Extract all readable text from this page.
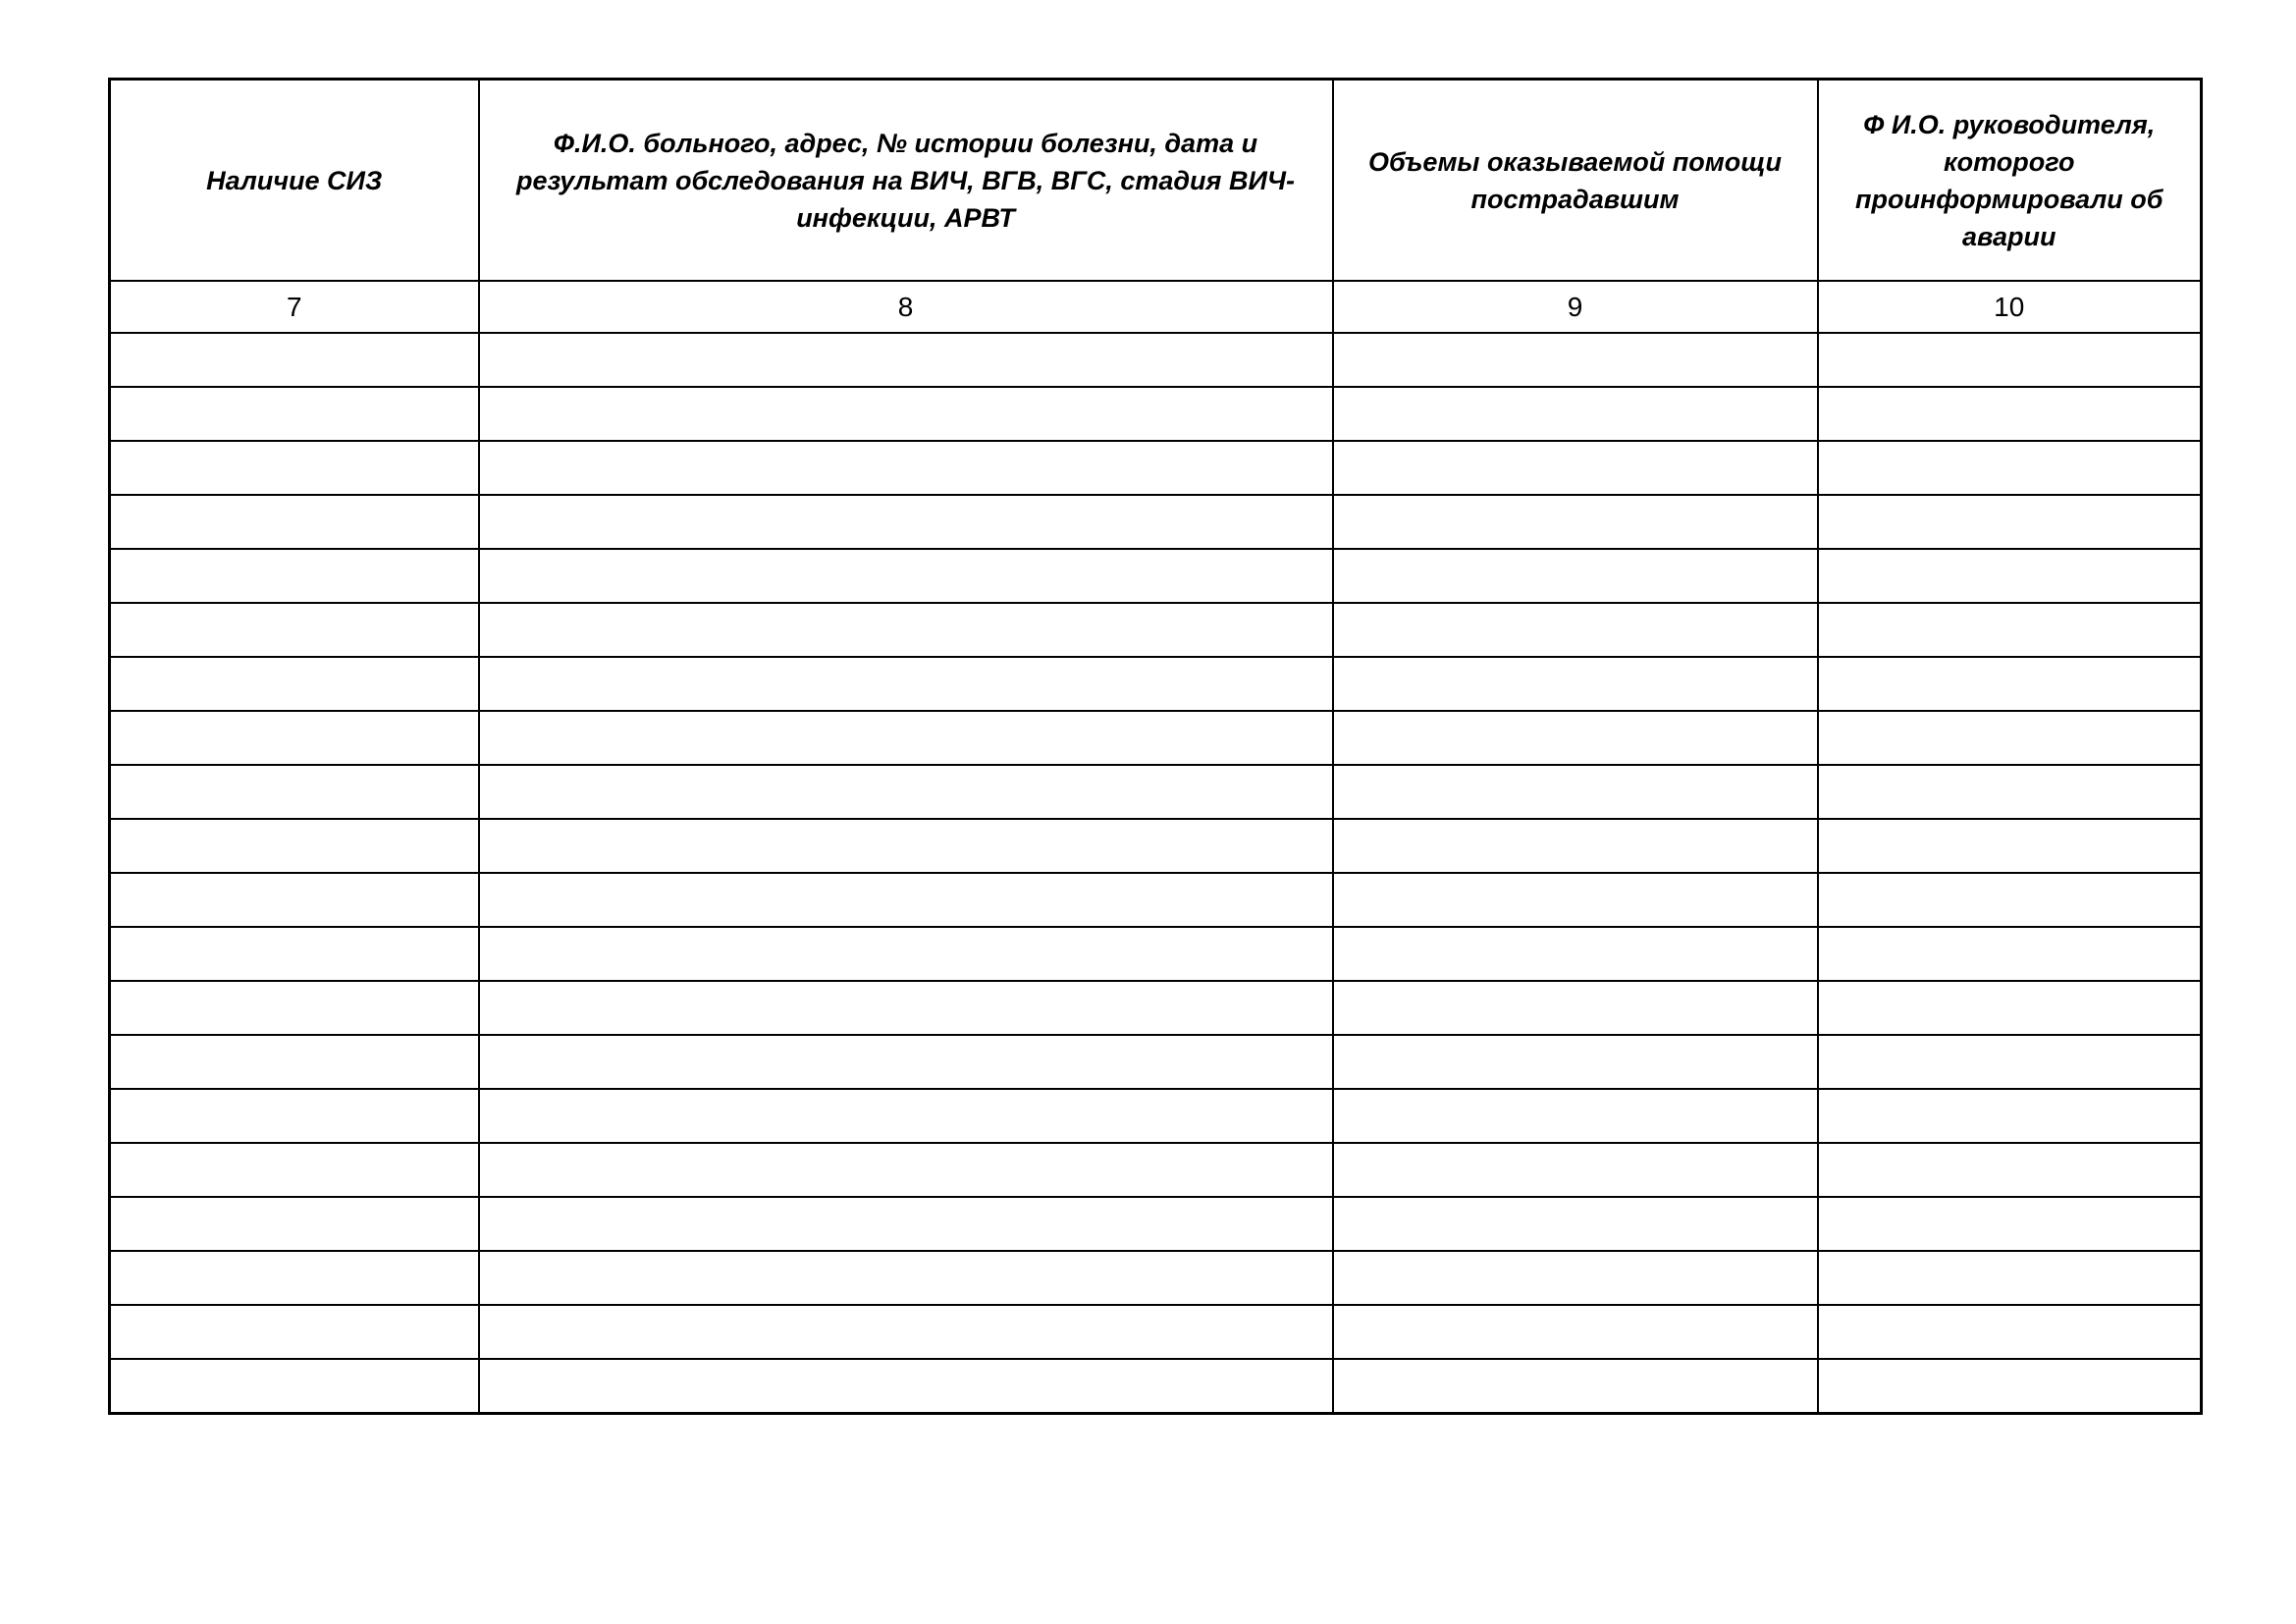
Наличие СИЗ	Ф.И.О. больного, адрес, № истории болезни, дата и результат обследования на ВИЧ, ВГВ, ВГС, стадия ВИЧ-инфекции, АРВТ	Объемы оказываемой помощи пострадавшим	Ф И.О. руководителя, которого проинформировали об аварии
7	8	9	10
